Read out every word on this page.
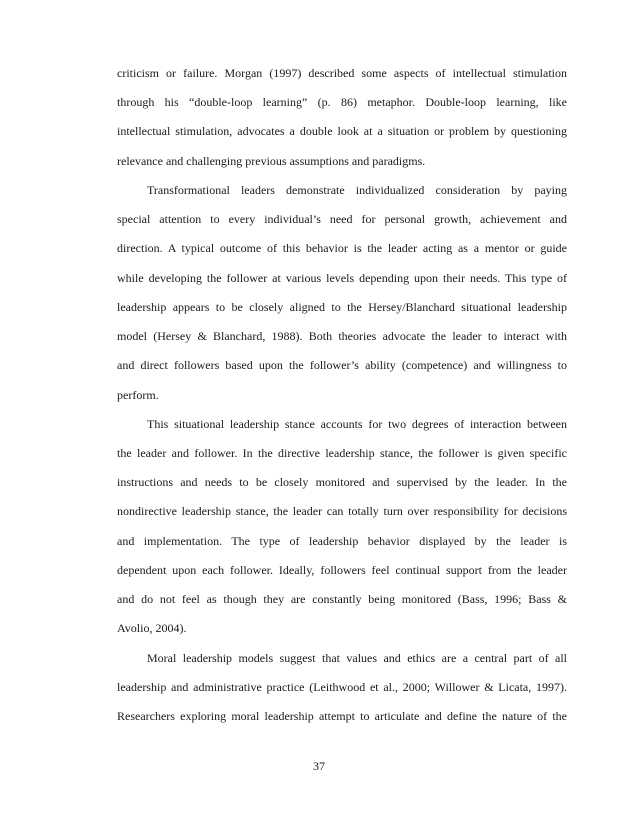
criticism or failure. Morgan (1997) described some aspects of intellectual stimulation

through his “double-loop learning” (p. 86) metaphor. Double-loop learning, like

intellectual stimulation, advocates a double look at a situation or problem by questioning

relevance and challenging previous assumptions and paradigms.

Transformational leaders demonstrate individualized consideration by paying

special attention to every individual’s need for personal growth, achievement and

direction. A typical outcome of this behavior is the leader acting as a mentor or guide

while developing the follower at various levels depending upon their needs. This type of

leadership appears to be closely aligned to the Hersey/Blanchard situational leadership

model (Hersey & Blanchard, 1988). Both theories advocate the leader to interact with

and direct followers based upon the follower’s ability (competence) and willingness to

perform.

This situational leadership stance accounts for two degrees of interaction between

the leader and follower. In the directive leadership stance, the follower is given specific

instructions and needs to be closely monitored and supervised by the leader. In the

nondirective leadership stance, the leader can totally turn over responsibility for decisions

and implementation. The type of leadership behavior displayed by the leader is

dependent upon each follower. Ideally, followers feel continual support from the leader

and do not feel as though they are constantly being monitored (Bass, 1996; Bass &

Avolio, 2004).

Moral leadership models suggest that values and ethics are a central part of all

leadership and administrative practice (Leithwood et al., 2000; Willower & Licata, 1997).

Researchers exploring moral leadership attempt to articulate and define the nature of the

37
